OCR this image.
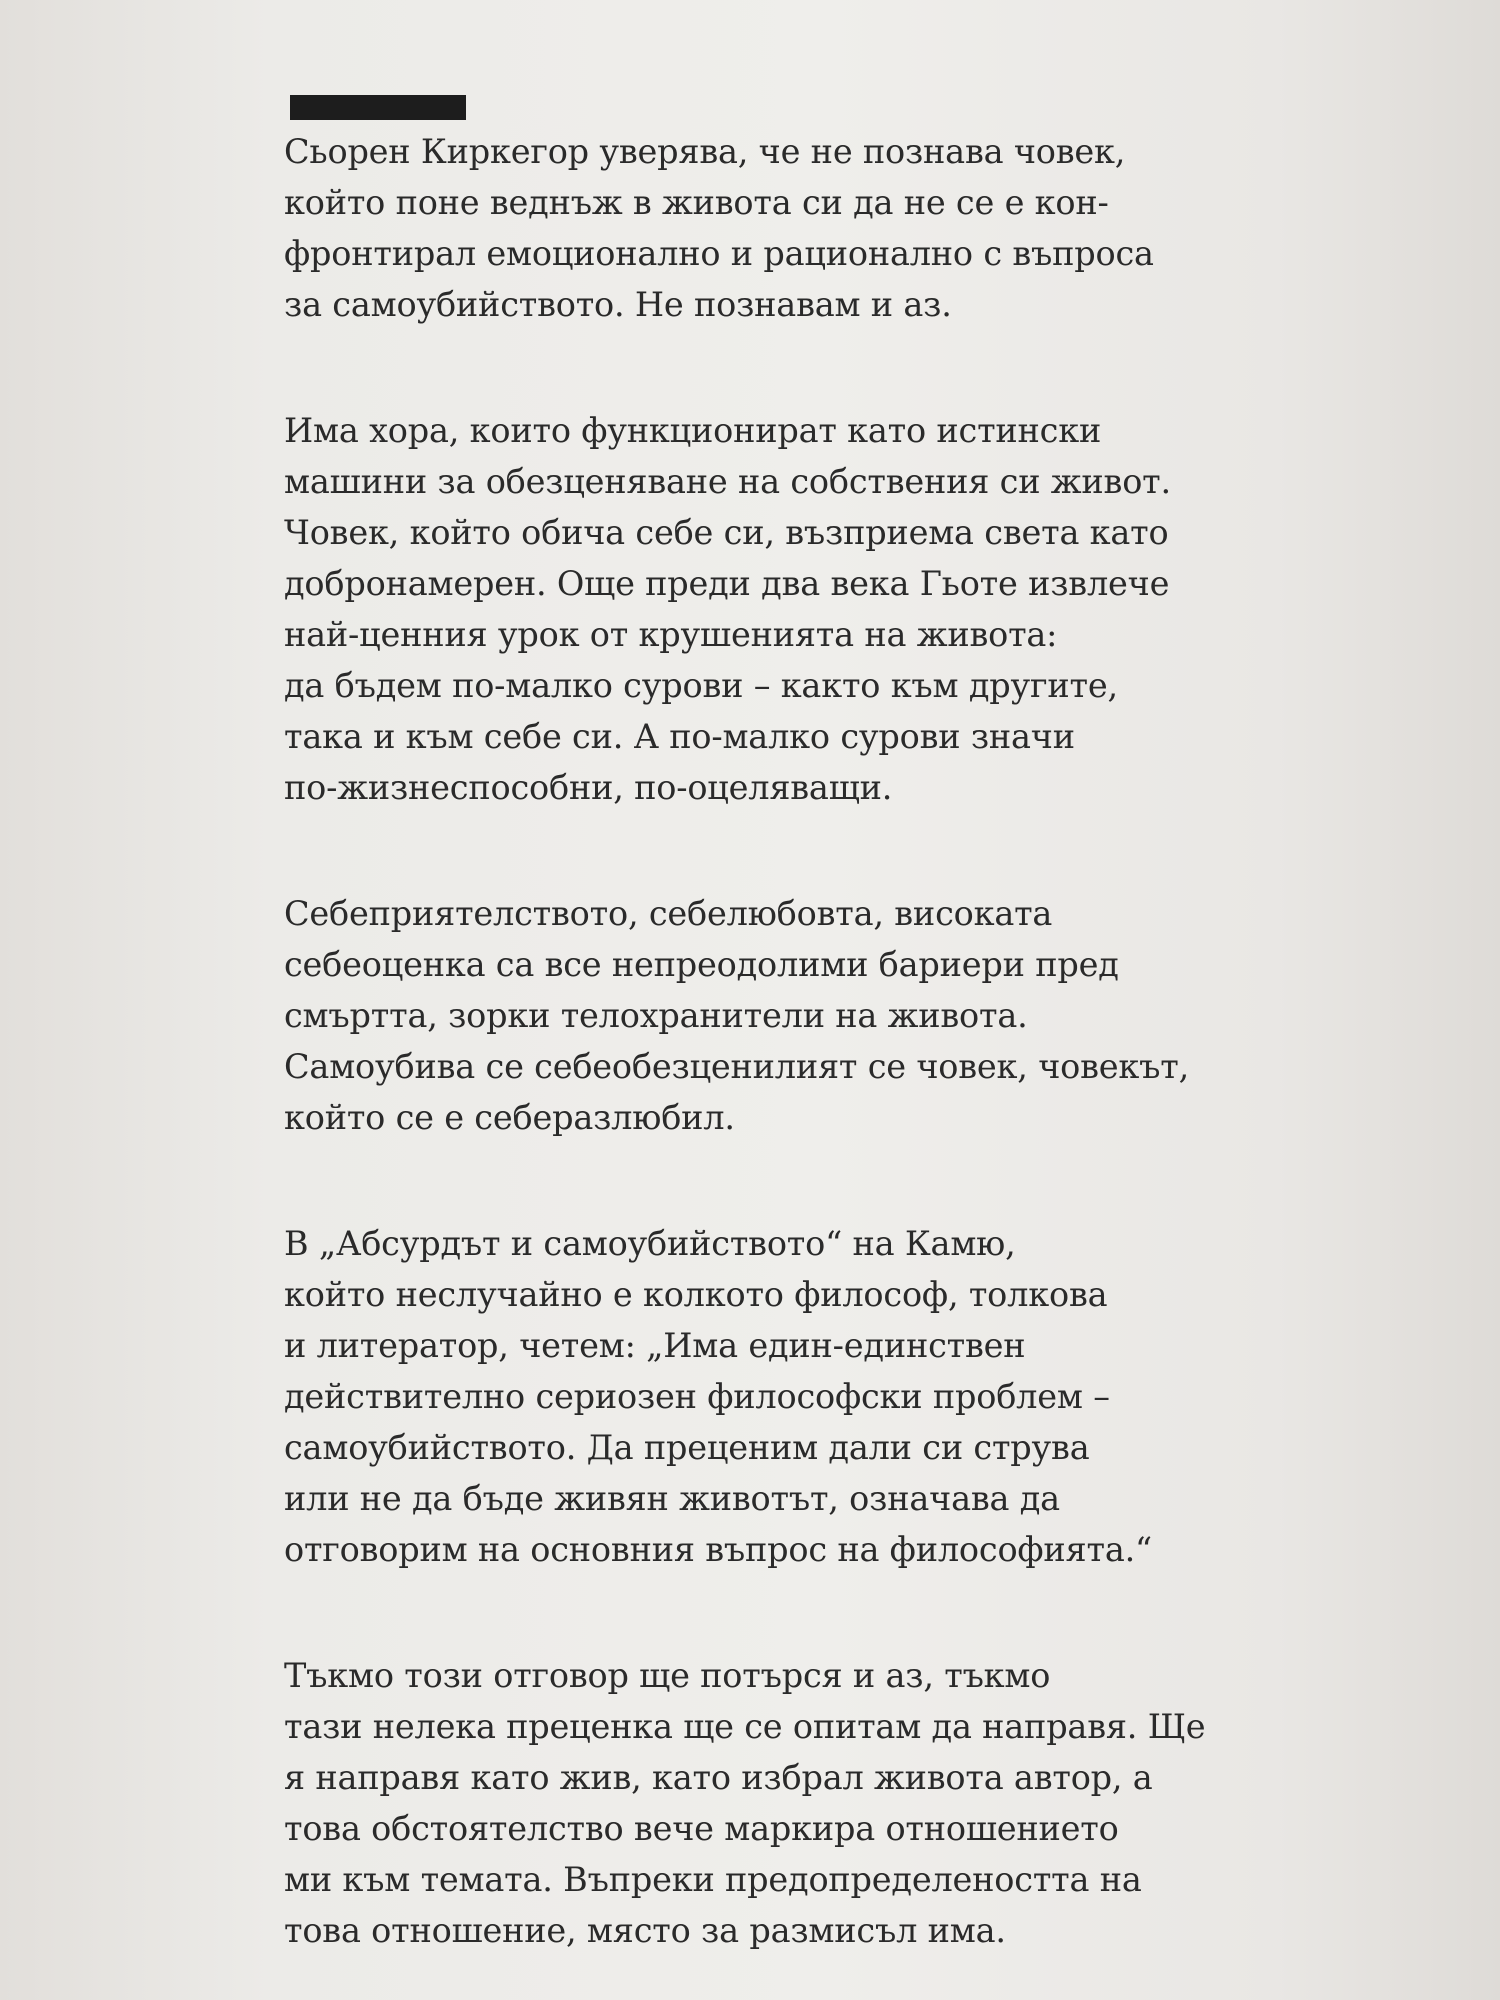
Сьорен Киркегор уверява, че не познава човек,
който поне веднъж в живота си да не се е кон-
фронтирал емоционално и рационално с въпроса
за самоубийството. Не познавам и аз.

Има хора, които функционират като истински
машини за обезценяване на собствения си живот.
Човек, който обича себе си, възприема света като
добронамерен. Още преди два века Гьоте извлече
най-ценния урок от крушенията на живота:
да бъдем по-малко сурови – както към другите,
така и към себе си. А по-малко сурови значи
по-жизнеспособни, по-оцеляващи.

Себеприятелството, себелюбовта, високата
себеоценка са все непреодолими бариери пред
смъртта, зорки телохранители на живота.
Самоубива се себеобезценилият се човек, човекът,
който се е себеразлюбил.

В „Абсурдът и самоубийството“ на Камю,
който неслучайно е колкото философ, толкова
и литератор, четем: „Има един-единствен
действително сериозен философски проблем –
самоубийството. Да преценим дали си струва
или не да бъде живян животът, означава да
отговорим на основния въпрос на философията.“

Тъкмо този отговор ще потърся и аз, тъкмо
тази нелека преценка ще се опитам да направя. Ще
я направя като жив, като избрал живота автор, а
това обстоятелство вече маркира отношението
ми към темата. Въпреки предопределеността на
това отношение, място за размисъл има.
